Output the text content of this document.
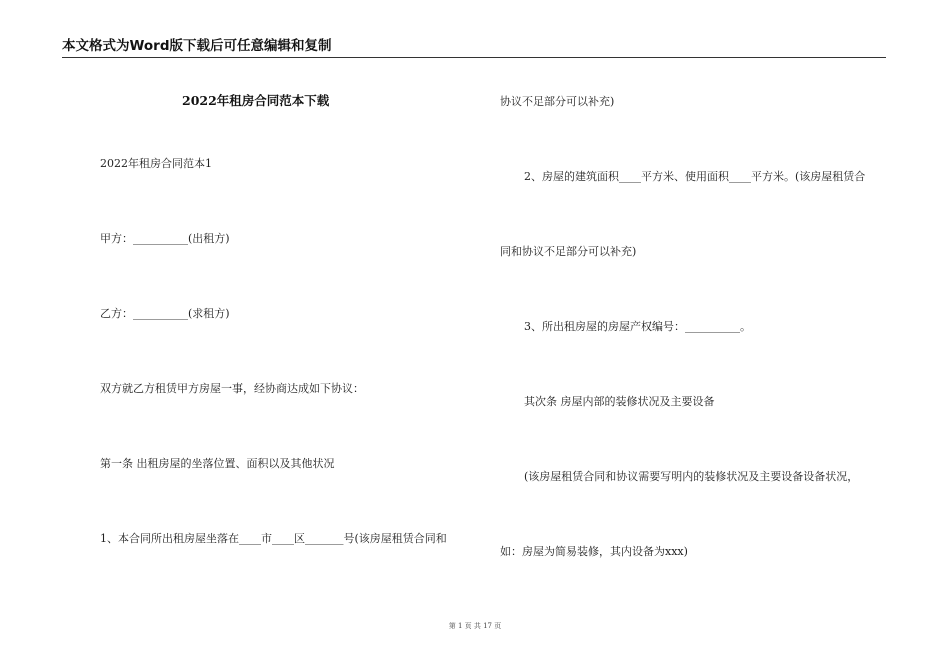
本文格式为Word版下载后可任意编辑和复制
2022年租房合同范本下载
2022年租房合同范本1
甲方：__________(出租方)
乙方：__________(求租方)
双方就乙方租赁甲方房屋一事，经协商达成如下协议：
第一条 出租房屋的坐落位置、面积以及其他状况
1、本合同所出租房屋坐落在____市____区_______号(该房屋租赁合同和
协议不足部分可以补充)
2、房屋的建筑面积____平方米、使用面积____平方米。(该房屋租赁合
同和协议不足部分可以补充)
3、所出租房屋的房屋产权编号：__________。
其次条 房屋内部的装修状况及主要设备
(该房屋租赁合同和协议需要写明内的装修状况及主要设备设备状况，
如：房屋为简易装修，其内设备为xxx)
第 1 页 共 17 页
